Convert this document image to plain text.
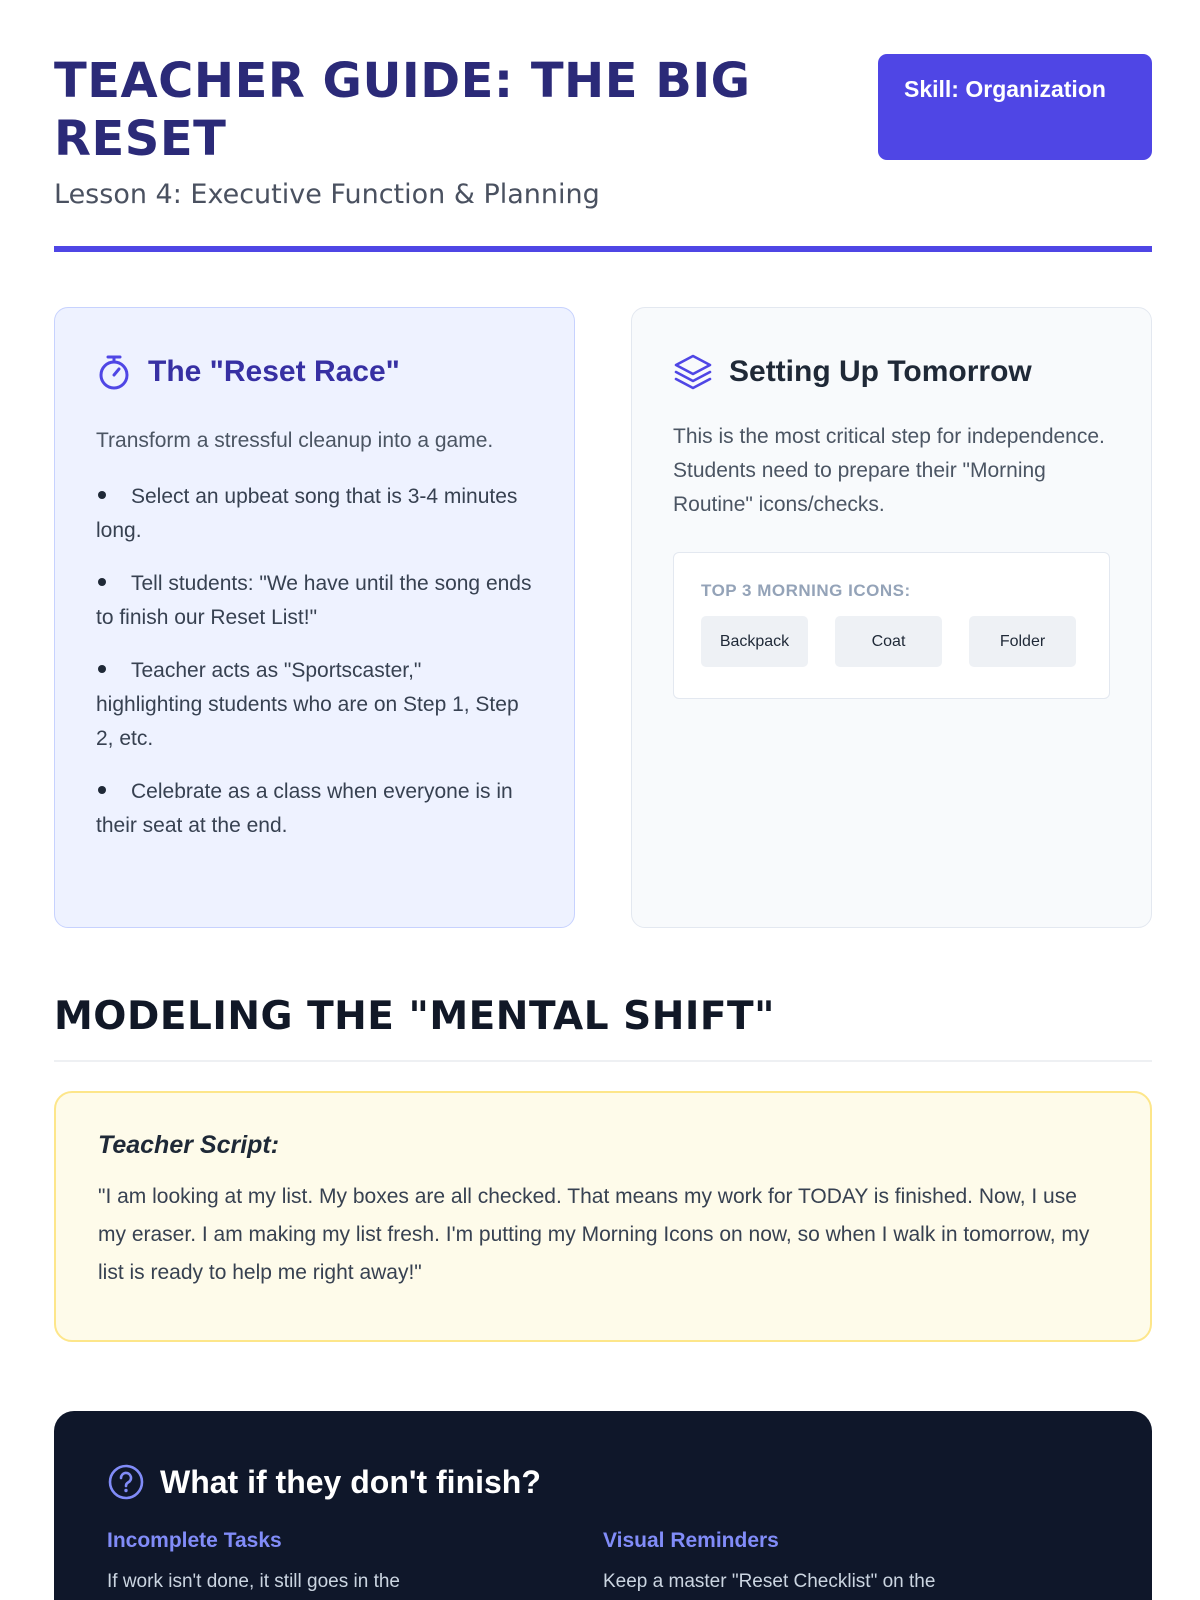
TEACHER GUIDE: THE BIG RESET

Lesson 4: Executive Function & Planning

Skill: Organization
The "Reset Race"

Transform a stressful cleanup into a game.

Select an upbeat song that is 3-4 minutes long.
Tell students: "We have until the song ends to finish our Reset List!"
Teacher acts as "Sportscaster," highlighting students who are on Step 1, Step 2, etc.
Celebrate as a class when everyone is in their seat at the end.
Setting Up Tomorrow

This is the most critical step for independence. Students need to prepare their "Morning Routine" icons/checks.

TOP 3 MORNING ICONS:
Backpack	Coat	Folder
MODELING THE "MENTAL SHIFT"

Teacher Script:

"I am looking at my list. My boxes are all checked. That means my work for TODAY is finished. Now, I use my eraser. I am making my list fresh. I'm putting my Morning Icons on now, so when I walk in tomorrow, my list is ready to help me right away!"

What if they don't finish?
Incomplete Tasks
If work isn't done, it still goes in the
Visual Reminders
Keep a master "Reset Checklist" on the
